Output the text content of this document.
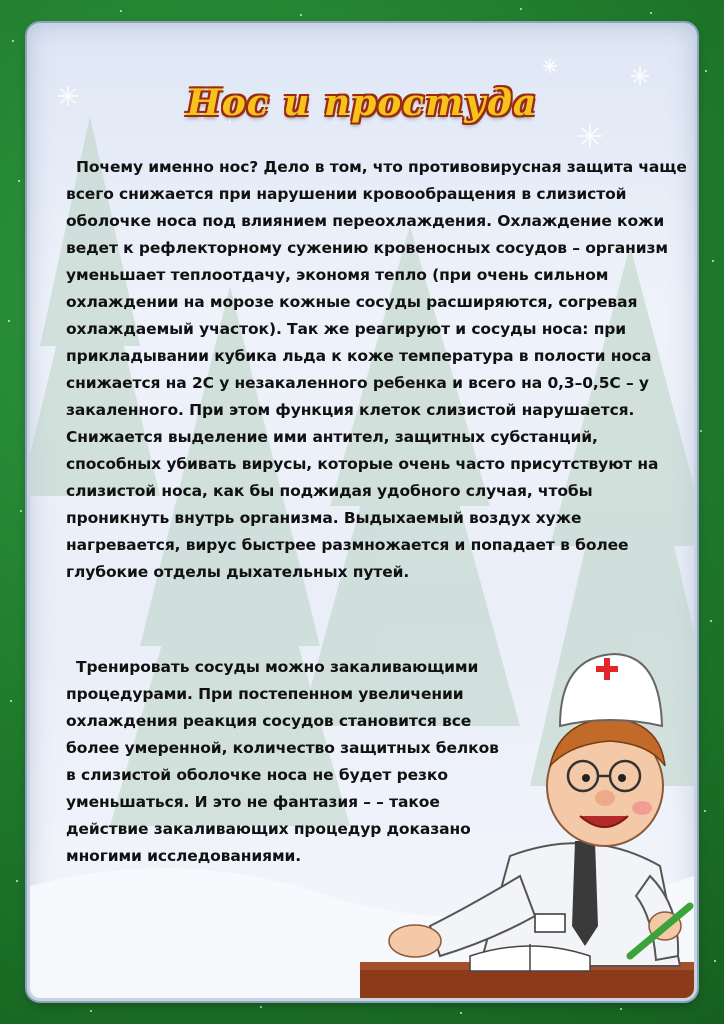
Нос и простуда
Почему именно нос? Дело в том, что противовирусная защита чаще всего снижается при нарушении кровообращения в слизистой оболочке носа под влиянием переохлаждения. Охлаждение кожи ведет к рефлекторному сужению кровеносных сосудов – организм уменьшает теплоотдачу, экономя тепло (при очень сильном охлаждении на морозе кожные сосуды расширяются, согревая охлаждаемый участок). Так же реагируют и сосуды носа: при прикладывании кубика льда к коже температура в полости носа снижается на 2С у незакаленного ребенка и всего на 0,3–0,5С – у закаленного. При этом функция клеток слизистой нарушается. Снижается выделение ими антител, защитных субстанций, способных убивать вирусы, которые очень часто присутствуют на слизистой носа, как бы поджидая удобного случая, чтобы проникнуть внутрь организма. Выдыхаемый воздух хуже нагревается, вирус быстрее размножается и попадает в более глубокие отделы дыхательных путей.
Тренировать сосуды можно закаливающими процедурами. При постепенном увеличении охлаждения реакция сосудов становится все более умеренной, количество защитных белков в слизистой оболочке носа не будет резко уменьшаться. И это не фантазия – – такое действие закаливающих процедур доказано многими исследованиями.
